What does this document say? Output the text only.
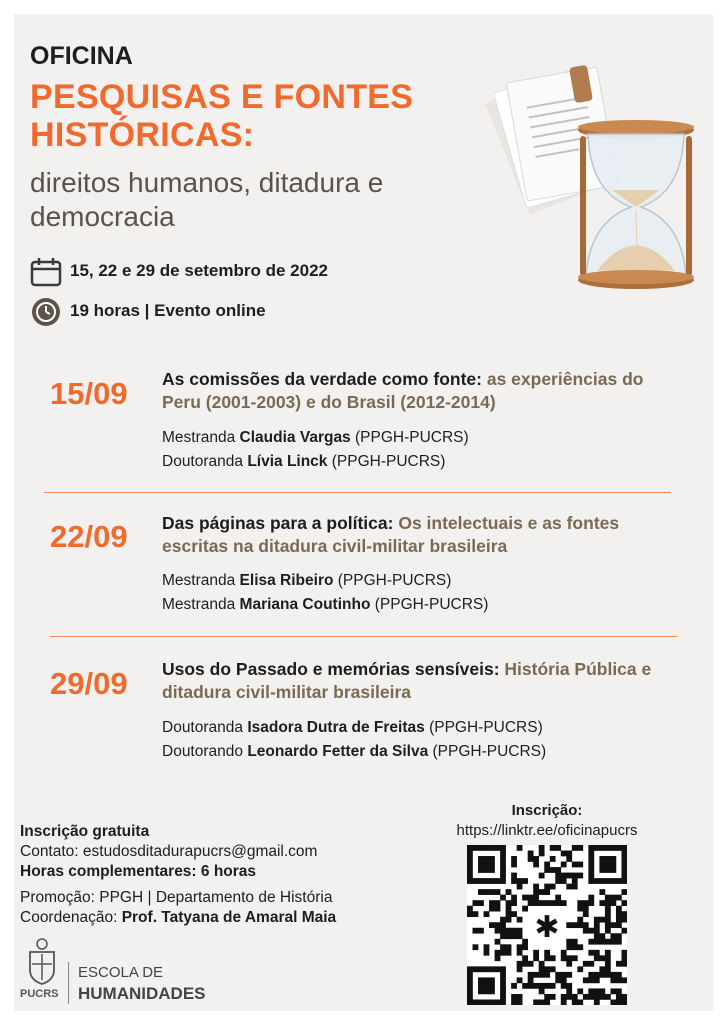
OFICINA
PESQUISAS E FONTES
HISTÓRICAS:
direitos humanos, ditadura e
democracia
15, 22 e 29 de setembro de 2022
19 horas | Evento online
15/09 As comissões da verdade como fonte: as experiências do Peru (2001-2003) e do Brasil (2012-2014)
Mestranda Claudia Vargas (PPGH-PUCRS)
Doutoranda Lívia Linck (PPGH-PUCRS)
22/09 Das páginas para a política: Os intelectuais e as fontes escritas na ditadura civil-militar brasileira
Mestranda Elisa Ribeiro (PPGH-PUCRS)
Mestranda Mariana Coutinho (PPGH-PUCRS)
29/09 Usos do Passado e memórias sensíveis: História Pública e ditadura civil-militar brasileira
Doutoranda Isadora Dutra de Freitas (PPGH-PUCRS)
Doutorando Leonardo Fetter da Silva (PPGH-PUCRS)
Inscrição gratuita
Contato: estudosditadurapucrs@gmail.com
Horas complementares: 6 horas
Promoção: PPGH | Departamento de História
Coordenação: Prof. Tatyana de Amaral Maia
PUCRS
ESCOLA DE
HUMANIDADES
Inscrição:
https://linktr.ee/oficinapucrs
✱
